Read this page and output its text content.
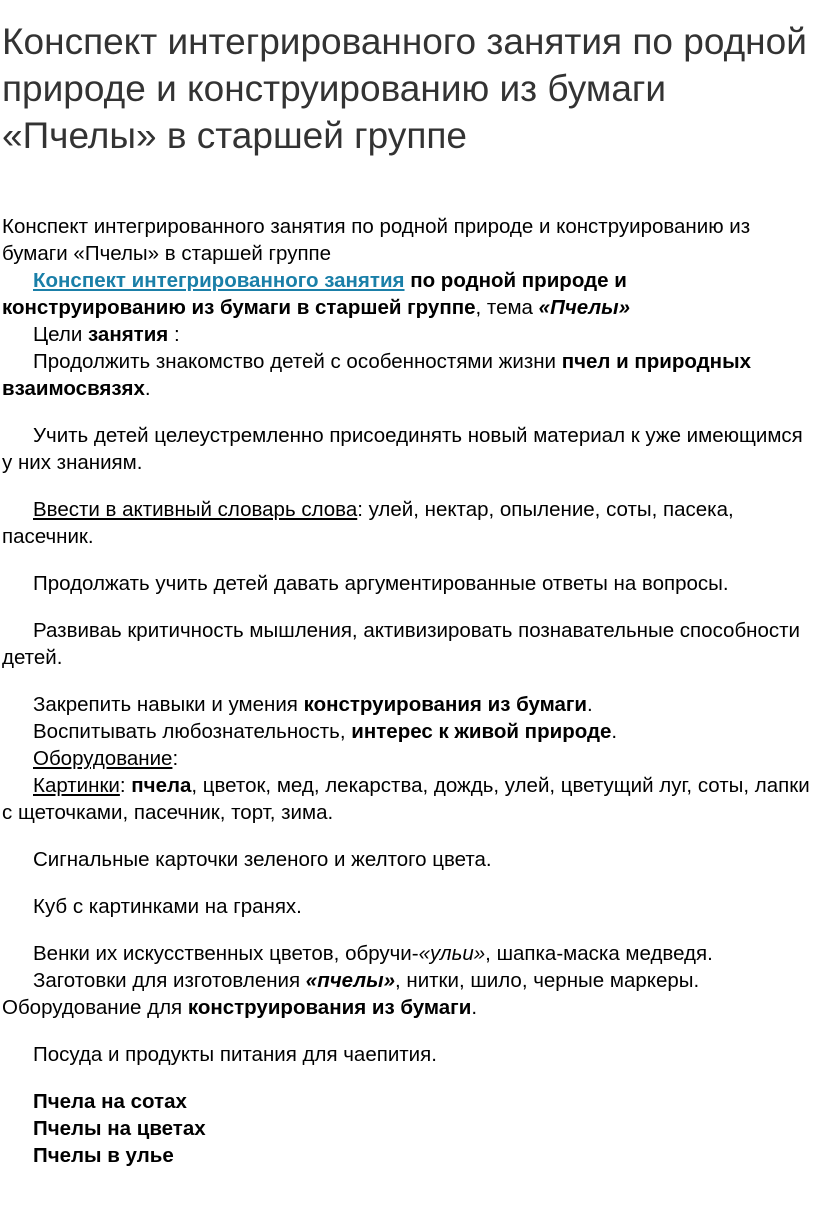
Конспект интегрированного занятия по родной природе и конструированию из бумаги «Пчелы» в старшей группе

Конспект интегрированного занятия по родной природе и конструированию из бумаги «Пчелы» в старшей группе

Конспект интегрированного занятия по родной природе и конструированию из бумаги в старшей группе, тема «Пчелы»

Цели занятия :

Продолжить знакомство детей с особенностями жизни пчел и природных взаимосвязях.

Учить детей целеустремленно присоединять новый материал к уже имеющимся у них знаниям.

Ввести в активный словарь слова: улей, нектар, опыление, соты, пасека, пасечник.

Продолжать учить детей давать аргументированные ответы на вопросы.

Развиваь критичность мышления, активизировать познавательные способности детей.

Закрепить навыки и умения конструирования из бумаги.

Воспитывать любознательность, интерес к живой природе.

Оборудование:

Картинки: пчела, цветок, мед, лекарства, дождь, улей, цветущий луг, соты, лапки с щеточками, пасечник, торт, зима.

Сигнальные карточки зеленого и желтого цвета.

Куб с картинками на гранях.

Венки их искусственных цветов, обручи-«ульи», шапка-маска медведя.

Заготовки для изготовления «пчелы», нитки, шило, черные маркеры.

Оборудование для конструирования из бумаги.

Посуда и продукты питания для чаепития.

Пчела на сотах

Пчелы на цветах

Пчелы в улье
